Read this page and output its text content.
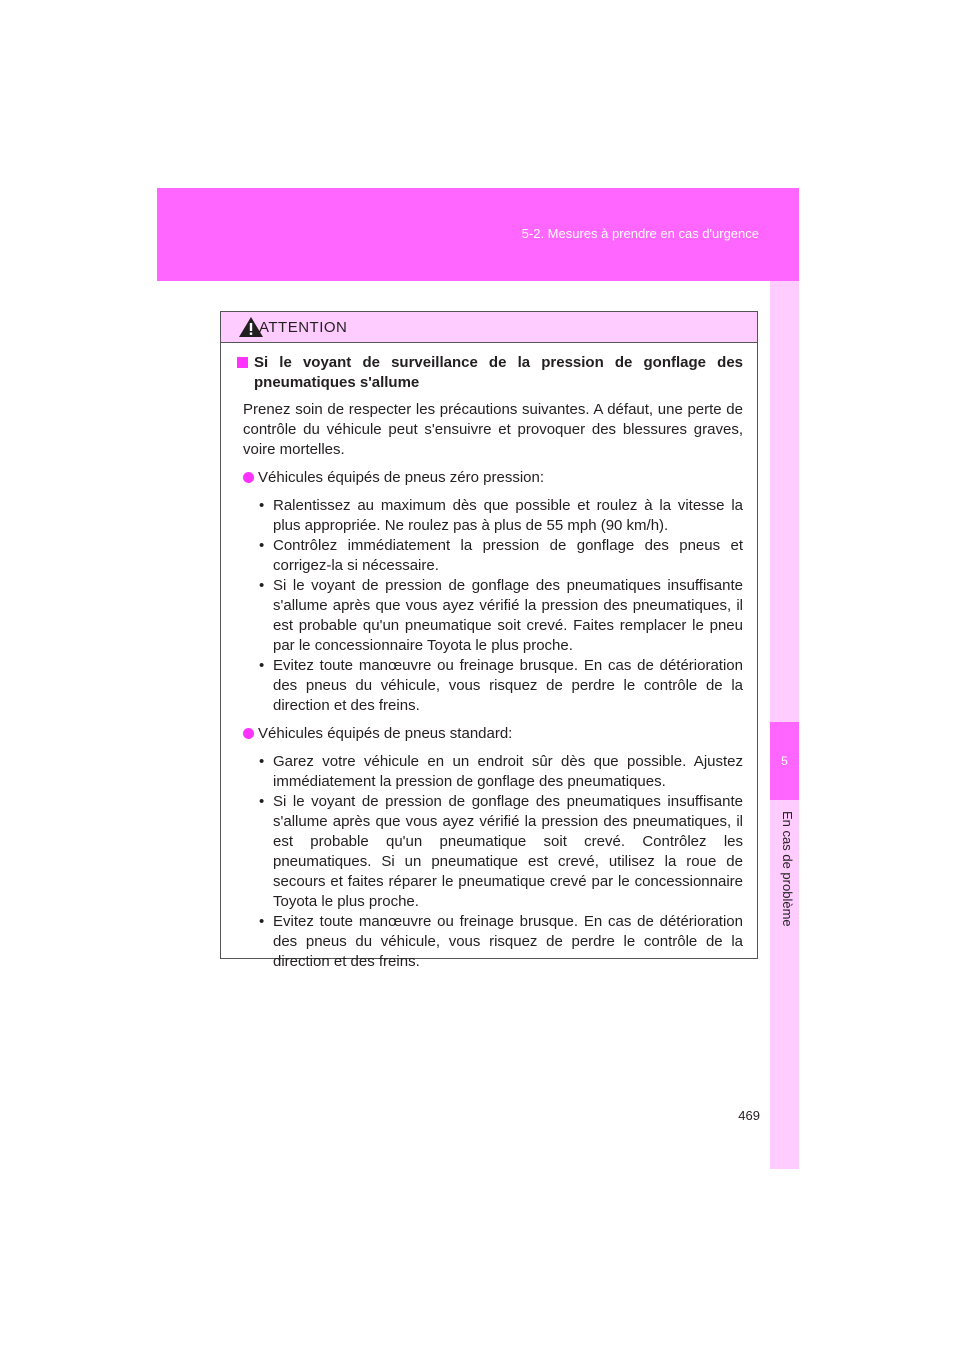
5-2. Mesures à prendre en cas d'urgence
5
En cas de problème
ATTENTION
Si le voyant de surveillance de la pression de gonflage des pneumatiques s'allume
Prenez soin de respecter les précautions suivantes. A défaut, une perte de contrôle du véhicule peut s'ensuivre et provoquer des blessures graves, voire mortelles.
Véhicules équipés de pneus zéro pression:
• Ralentissez au maximum dès que possible et roulez à la vitesse la plus appropriée. Ne roulez pas à plus de 55 mph (90 km/h).
• Contrôlez immédiatement la pression de gonflage des pneus et corrigez-la si nécessaire.
• Si le voyant de pression de gonflage des pneumatiques insuffisante s'allume après que vous ayez vérifié la pression des pneumatiques, il est probable qu'un pneumatique soit crevé. Faites remplacer le pneu par le concessionnaire Toyota le plus proche.
• Evitez toute manœuvre ou freinage brusque. En cas de détérioration des pneus du véhicule, vous risquez de perdre le contrôle de la direction et des freins.
Véhicules équipés de pneus standard:
• Garez votre véhicule en un endroit sûr dès que possible. Ajustez immédiatement la pression de gonflage des pneumatiques.
• Si le voyant de pression de gonflage des pneumatiques insuffisante s'allume après que vous ayez vérifié la pression des pneumatiques, il est probable qu'un pneumatique soit crevé. Contrôlez les pneumatiques. Si un pneumatique est crevé, utilisez la roue de secours et faites réparer le pneumatique crevé par le concessionnaire Toyota le plus proche.
• Evitez toute manœuvre ou freinage brusque. En cas de détérioration des pneus du véhicule, vous risquez de perdre le contrôle de la direction et des freins.
469
